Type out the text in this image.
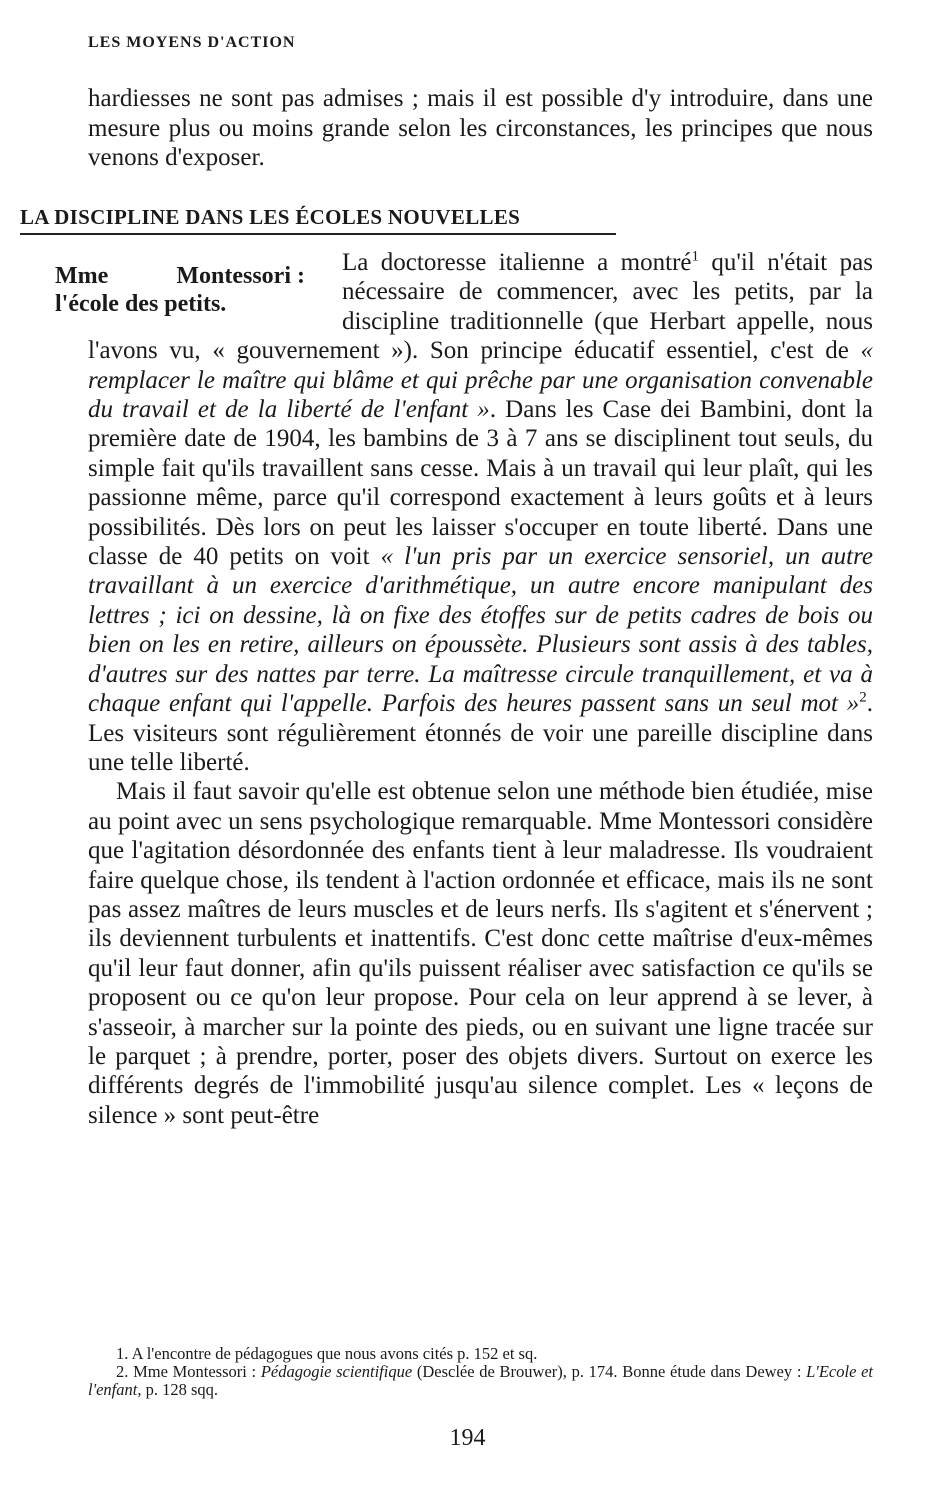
LES MOYENS D'ACTION
hardiesses ne sont pas admises ; mais il est possible d'y introduire, dans une mesure plus ou moins grande selon les circonstances, les principes que nous venons d'exposer.
LA DISCIPLINE DANS LES ÉCOLES NOUVELLES
Mme	Montessori :
l'école des petits.

La doctoresse italienne a montré$^1$ qu'il n'était pas nécessaire de commencer, avec les petits, par la discipline traditionnelle (que Herbart appelle, nous l'avons vu, « gouvernement »). Son principe éducatif essentiel, c'est de « remplacer le maître qui blâme et qui prêche par une organisation convenable du travail et de la liberté de l'enfant ». Dans les Case dei Bambini, dont la première date de 1904, les bambins de 3 à 7 ans se disciplinent tout seuls, du simple fait qu'ils travaillent sans cesse. Mais à un travail qui leur plaît, qui les passionne même, parce qu'il correspond exactement à leurs goûts et à leurs possibilités. Dès lors on peut les laisser s'occuper en toute liberté. Dans une classe de 40 petits on voit « l'un pris par un exercice sensoriel, un autre travaillant à un exercice d'arithmétique, un autre encore manipulant des lettres ; ici on dessine, là on fixe des étoffes sur de petits cadres de bois ou bien on les en retire, ailleurs on époussète. Plusieurs sont assis à des tables, d'autres sur des nattes par terre. La maîtresse circule tranquillement, et va à chaque enfant qui l'appelle. Parfois des heures passent sans un seul mot »$^2$. Les visiteurs sont régulièrement étonnés de voir une pareille discipline dans une telle liberté.

Mais il faut savoir qu'elle est obtenue selon une méthode bien étudiée, mise au point avec un sens psychologique remarquable. Mme Montessori considère que l'agitation désordonnée des enfants tient à leur maladresse. Ils voudraient faire quelque chose, ils tendent à l'action ordonnée et efficace, mais ils ne sont pas assez maîtres de leurs muscles et de leurs nerfs. Ils s'agitent et s'énervent ; ils deviennent turbulents et inattentifs. C'est donc cette maîtrise d'eux-mêmes qu'il leur faut donner, afin qu'ils puissent réaliser avec satisfaction ce qu'ils se proposent ou ce qu'on leur propose. Pour cela on leur apprend à se lever, à s'asseoir, à marcher sur la pointe des pieds, ou en suivant une ligne tracée sur le parquet ; à prendre, porter, poser des objets divers. Surtout on exerce les différents degrés de l'immobilité jusqu'au silence complet. Les « leçons de silence » sont peut-être

1. A l'encontre de pédagogues que nous avons cités p. 152 et sq.

2. Mme Montessori : Pédagogie scientifique (Desclée de Brouwer), p. 174. Bonne étude dans Dewey : L'Ecole et l'enfant, p. 128 sqq.

194
